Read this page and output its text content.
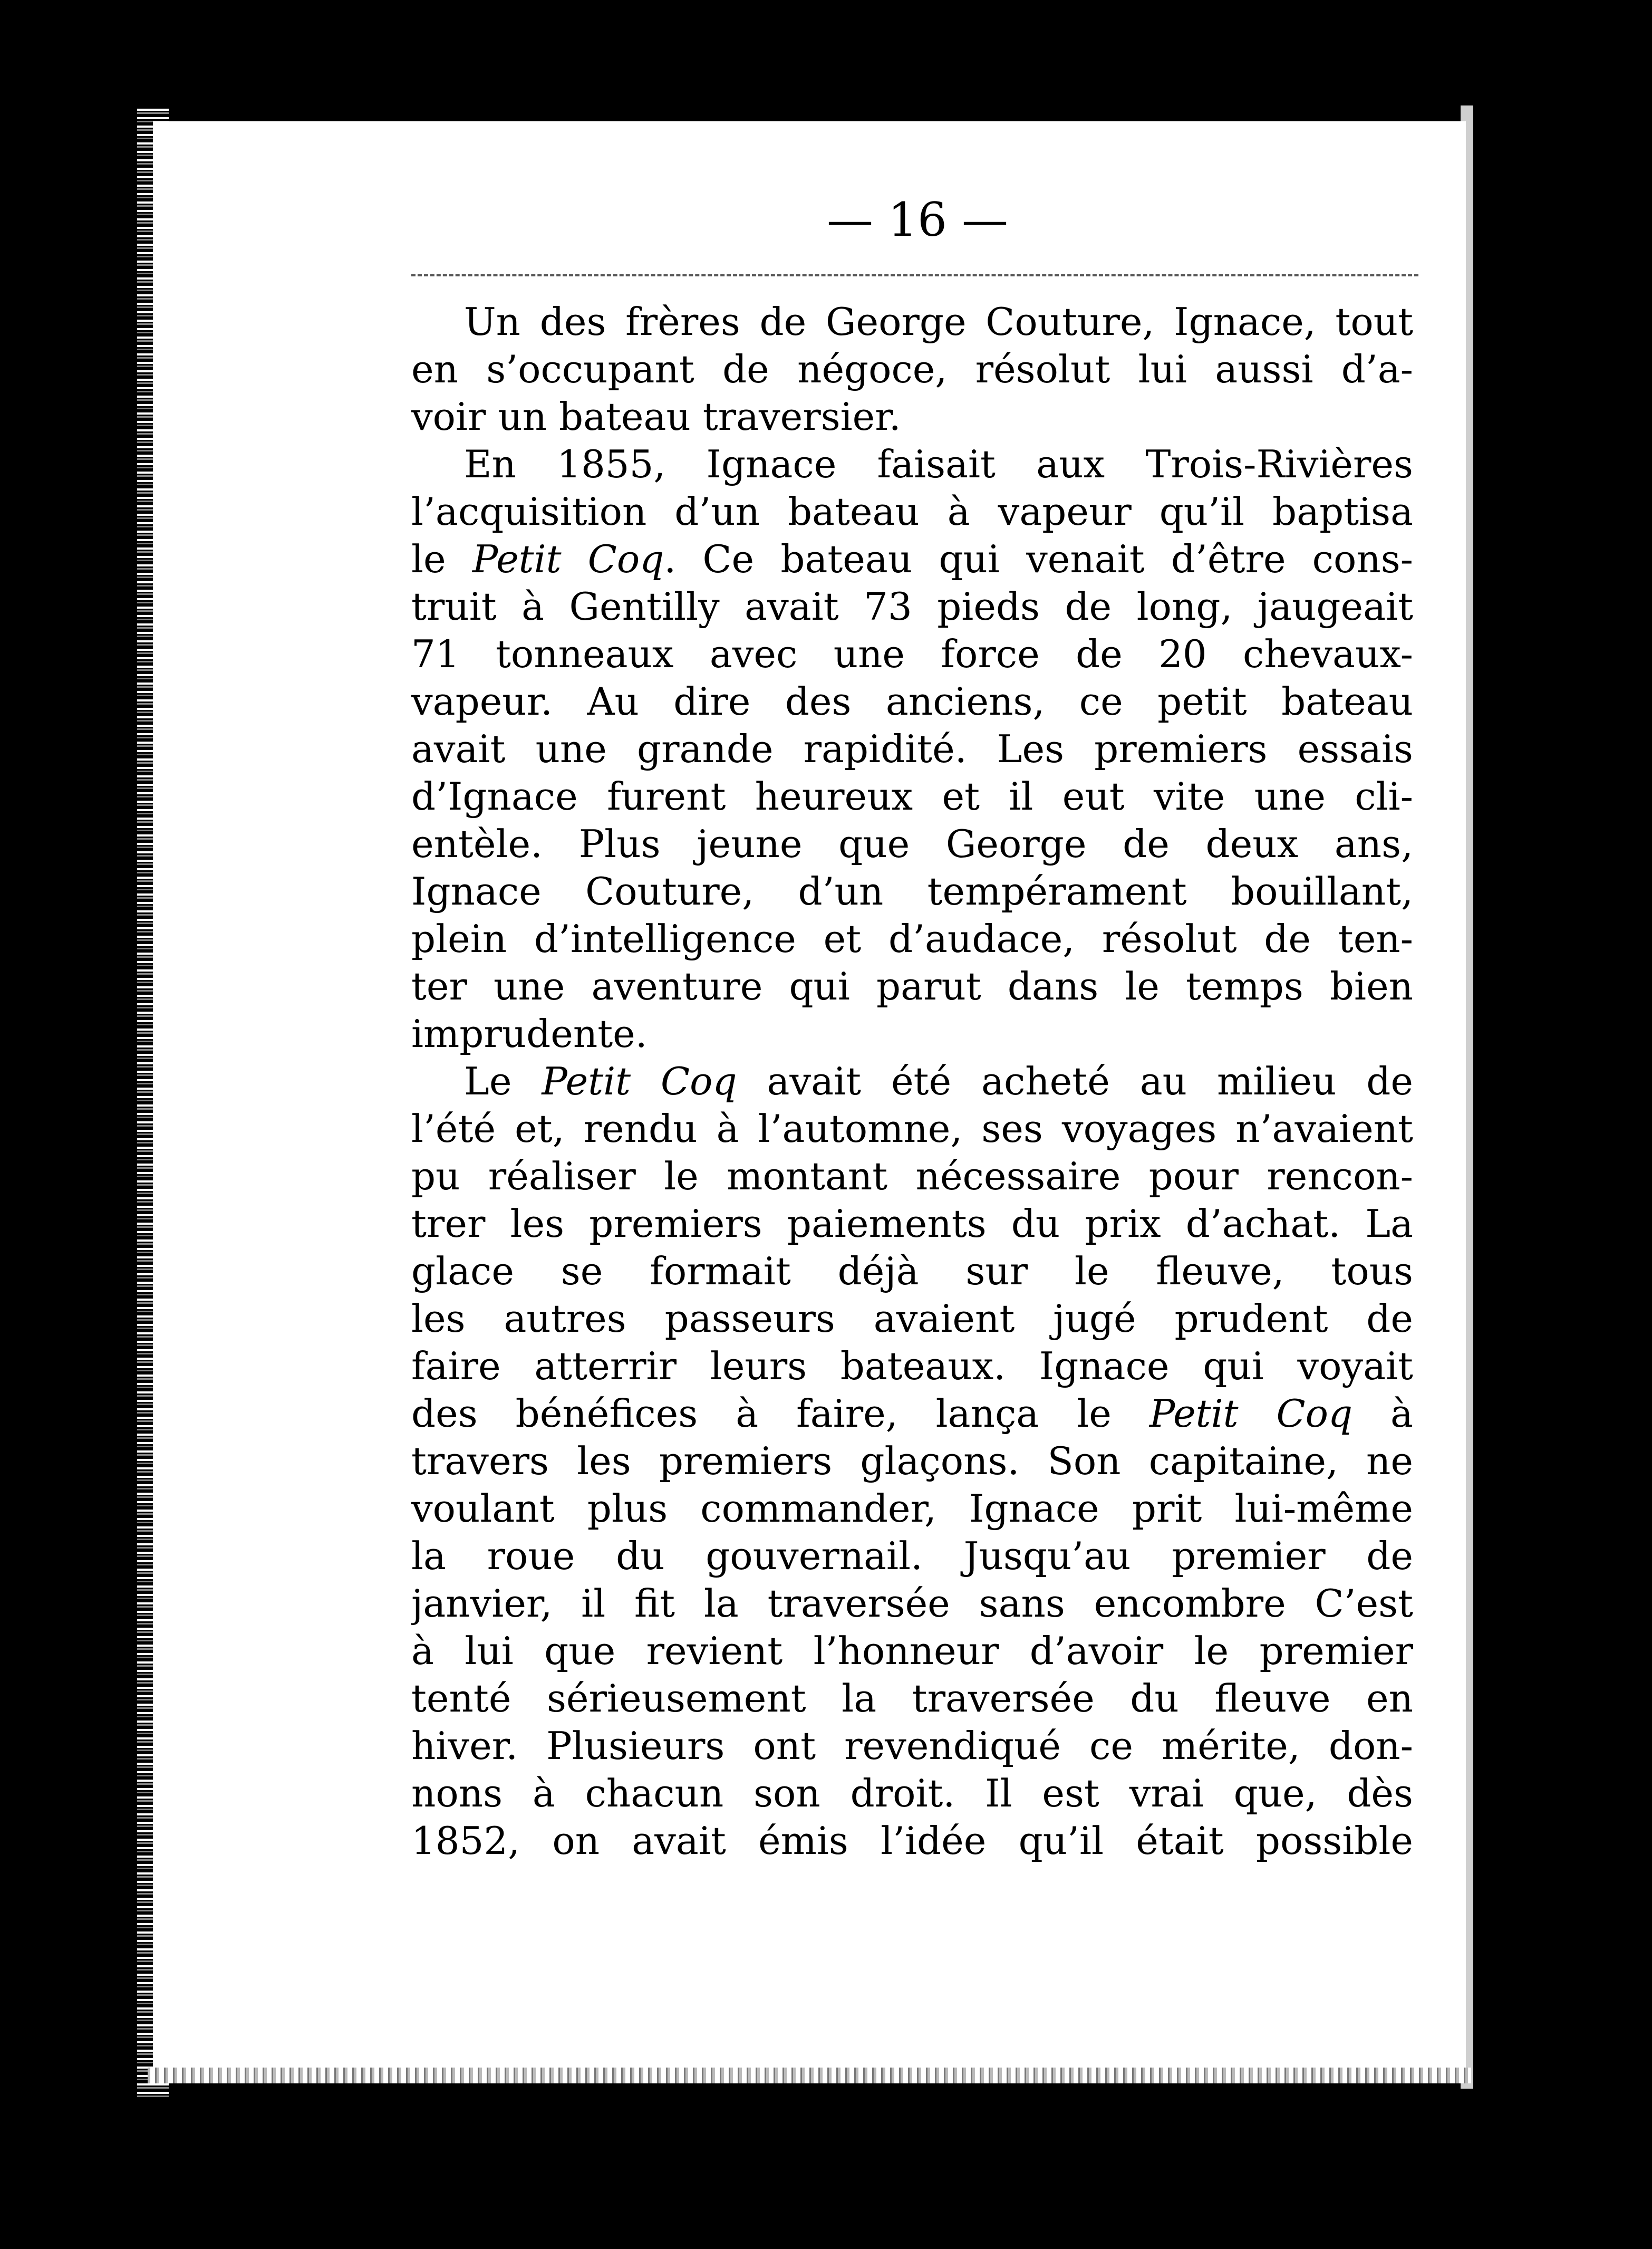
— 16 —
Un des frères de George Couture, Ignace, tout
en s’occupant de négoce, résolut lui aussi d’a-
voir un bateau traversier.
En 1855, Ignace faisait aux Trois-Rivières
l’acquisition d’un bateau à vapeur qu’il baptisa
le Petit Coq. Ce bateau qui venait d’être cons-
truit à Gentilly avait 73 pieds de long, jaugeait
71 tonneaux avec une force de 20 chevaux-
vapeur. Au dire des anciens, ce petit bateau
avait une grande rapidité. Les premiers essais
d’Ignace furent heureux et il eut vite une cli-
entèle. Plus jeune que George de deux ans,
Ignace Couture, d’un tempérament bouillant,
plein d’intelligence et d’audace, résolut de ten-
ter une aventure qui parut dans le temps bien
imprudente.
Le Petit Coq avait été acheté au milieu de
l’été et, rendu à l’automne, ses voyages n’avaient
pu réaliser le montant nécessaire pour rencon-
trer les premiers paiements du prix d’achat. La
glace se formait déjà sur le fleuve, tous
les autres passeurs avaient jugé prudent de
faire atterrir leurs bateaux. Ignace qui voyait
des bénéfices à faire, lança le Petit Coq à
travers les premiers glaçons. Son capitaine, ne
voulant plus commander, Ignace prit lui-même
la roue du gouvernail. Jusqu’au premier de
janvier, il fit la traversée sans encombre C’est
à lui que revient l’honneur d’avoir le premier
tenté sérieusement la traversée du fleuve en
hiver. Plusieurs ont revendiqué ce mérite, don-
nons à chacun son droit. Il est vrai que, dès
1852, on avait émis l’idée qu’il était possible
